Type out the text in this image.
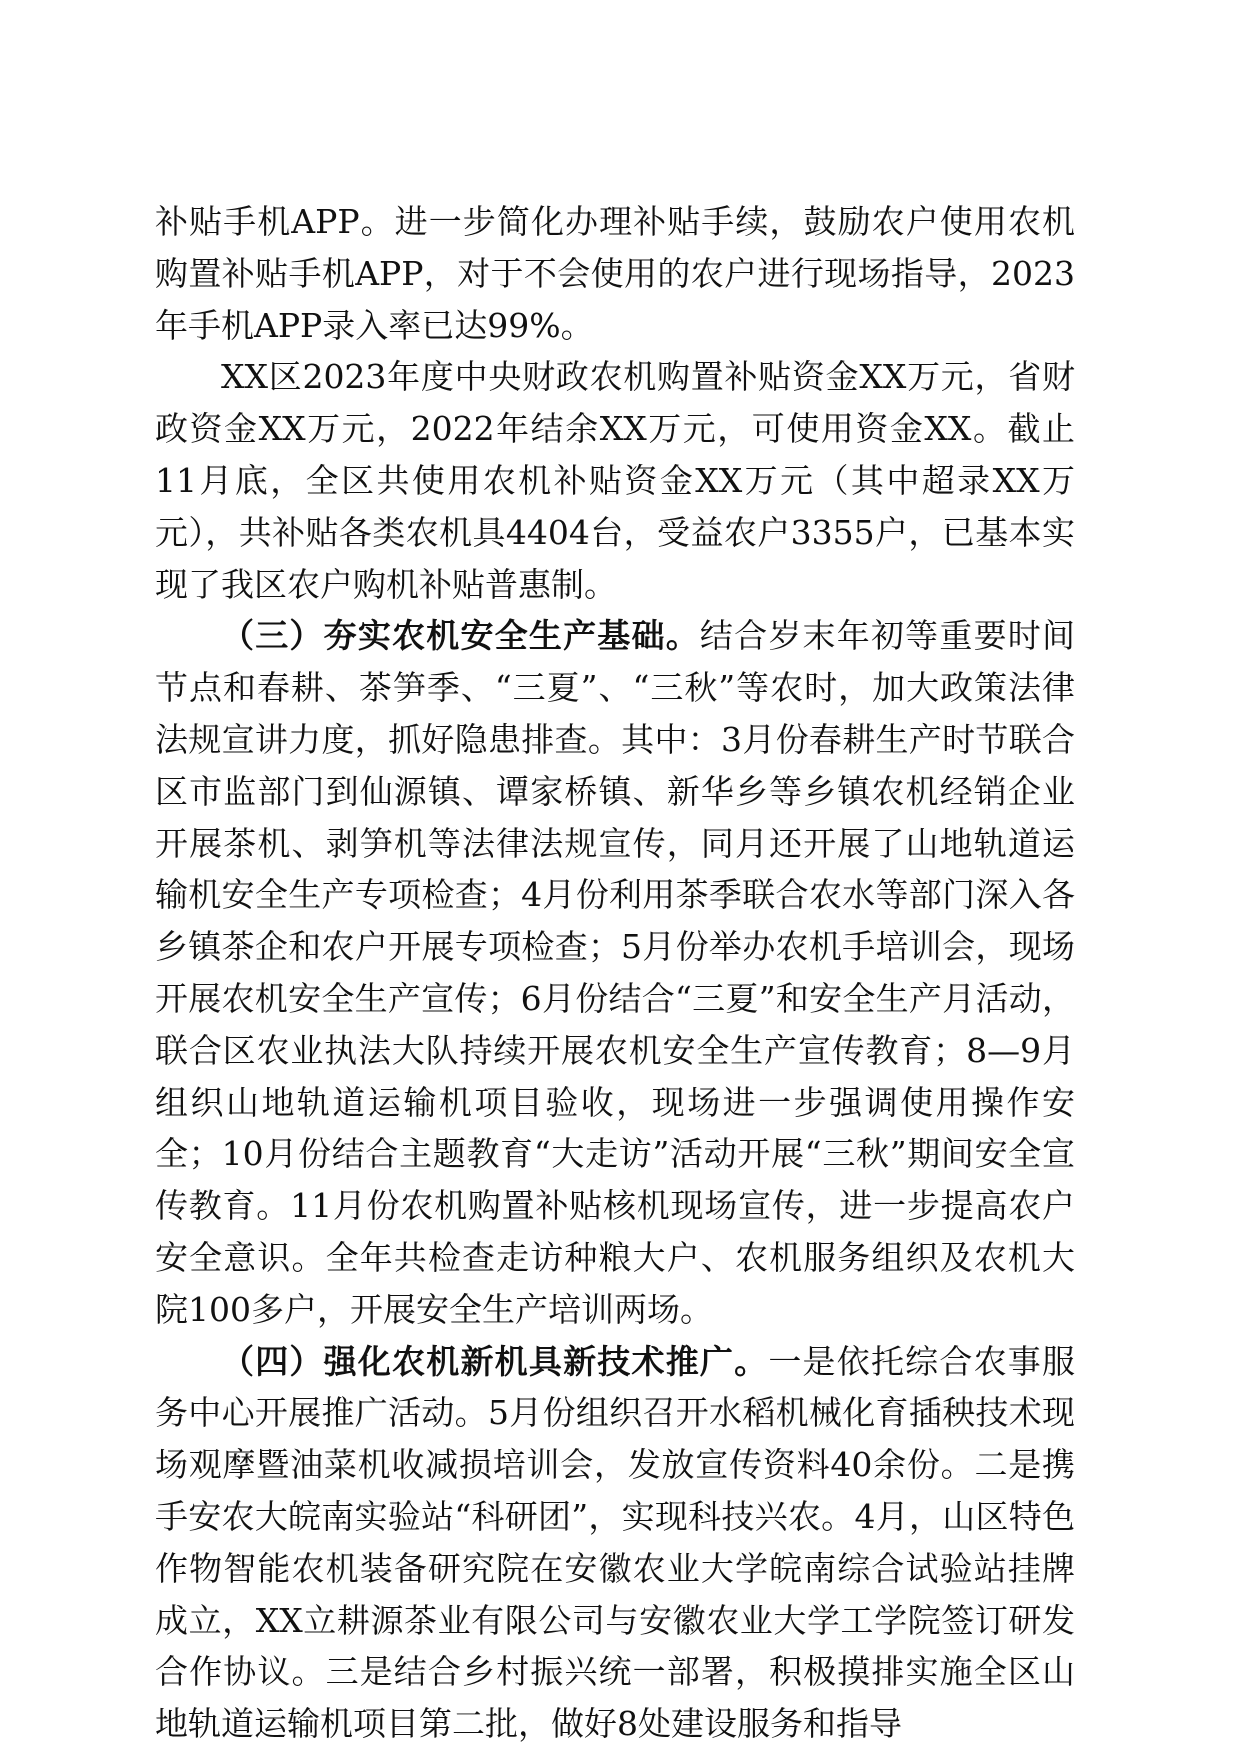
补贴手机APP。进一步简化办理补贴手续，鼓励农户使用农机购置补贴手机APP，对于不会使用的农户进行现场指导，2023年手机APP录入率已达99%。

XX区2023年度中央财政农机购置补贴资金XX万元，省财政资金XX万元，2022年结余XX万元，可使用资金XX。截止11月底，全区共使用农机补贴资金XX万元（其中超录XX万元），共补贴各类农机具4404台，受益农户3355户，已基本实现了我区农户购机补贴普惠制。

（三）夯实农机安全生产基础。结合岁末年初等重要时间节点和春耕、茶笋季、“三夏”、“三秋”等农时，加大政策法律法规宣讲力度，抓好隐患排查。其中：3月份春耕生产时节联合区市监部门到仙源镇、谭家桥镇、新华乡等乡镇农机经销企业开展茶机、剥笋机等法律法规宣传，同月还开展了山地轨道运输机安全生产专项检查；4月份利用茶季联合农水等部门深入各乡镇茶企和农户开展专项检查；5月份举办农机手培训会，现场开展农机安全生产宣传；6月份结合“三夏”和安全生产月活动，联合区农业执法大队持续开展农机安全生产宣传教育；8—9月组织山地轨道运输机项目验收，现场进一步强调使用操作安全；10月份结合主题教育“大走访”活动开展“三秋”期间安全宣传教育。11月份农机购置补贴核机现场宣传，进一步提高农户安全意识。全年共检查走访种粮大户、农机服务组织及农机大院100多户，开展安全生产培训两场。

（四）强化农机新机具新技术推广。一是依托综合农事服务中心开展推广活动。5月份组织召开水稻机械化育插秧技术现场观摩暨油菜机收减损培训会，发放宣传资料40余份。二是携手安农大皖南实验站“科研团”，实现科技兴农。4月，山区特色作物智能农机装备研究院在安徽农业大学皖南综合试验站挂牌成立，XX立耕源茶业有限公司与安徽农业大学工学院签订研发合作协议。三是结合乡村振兴统一部署，积极摸排实施全区山地轨道运输机项目第二批，做好8处建设服务和指导
